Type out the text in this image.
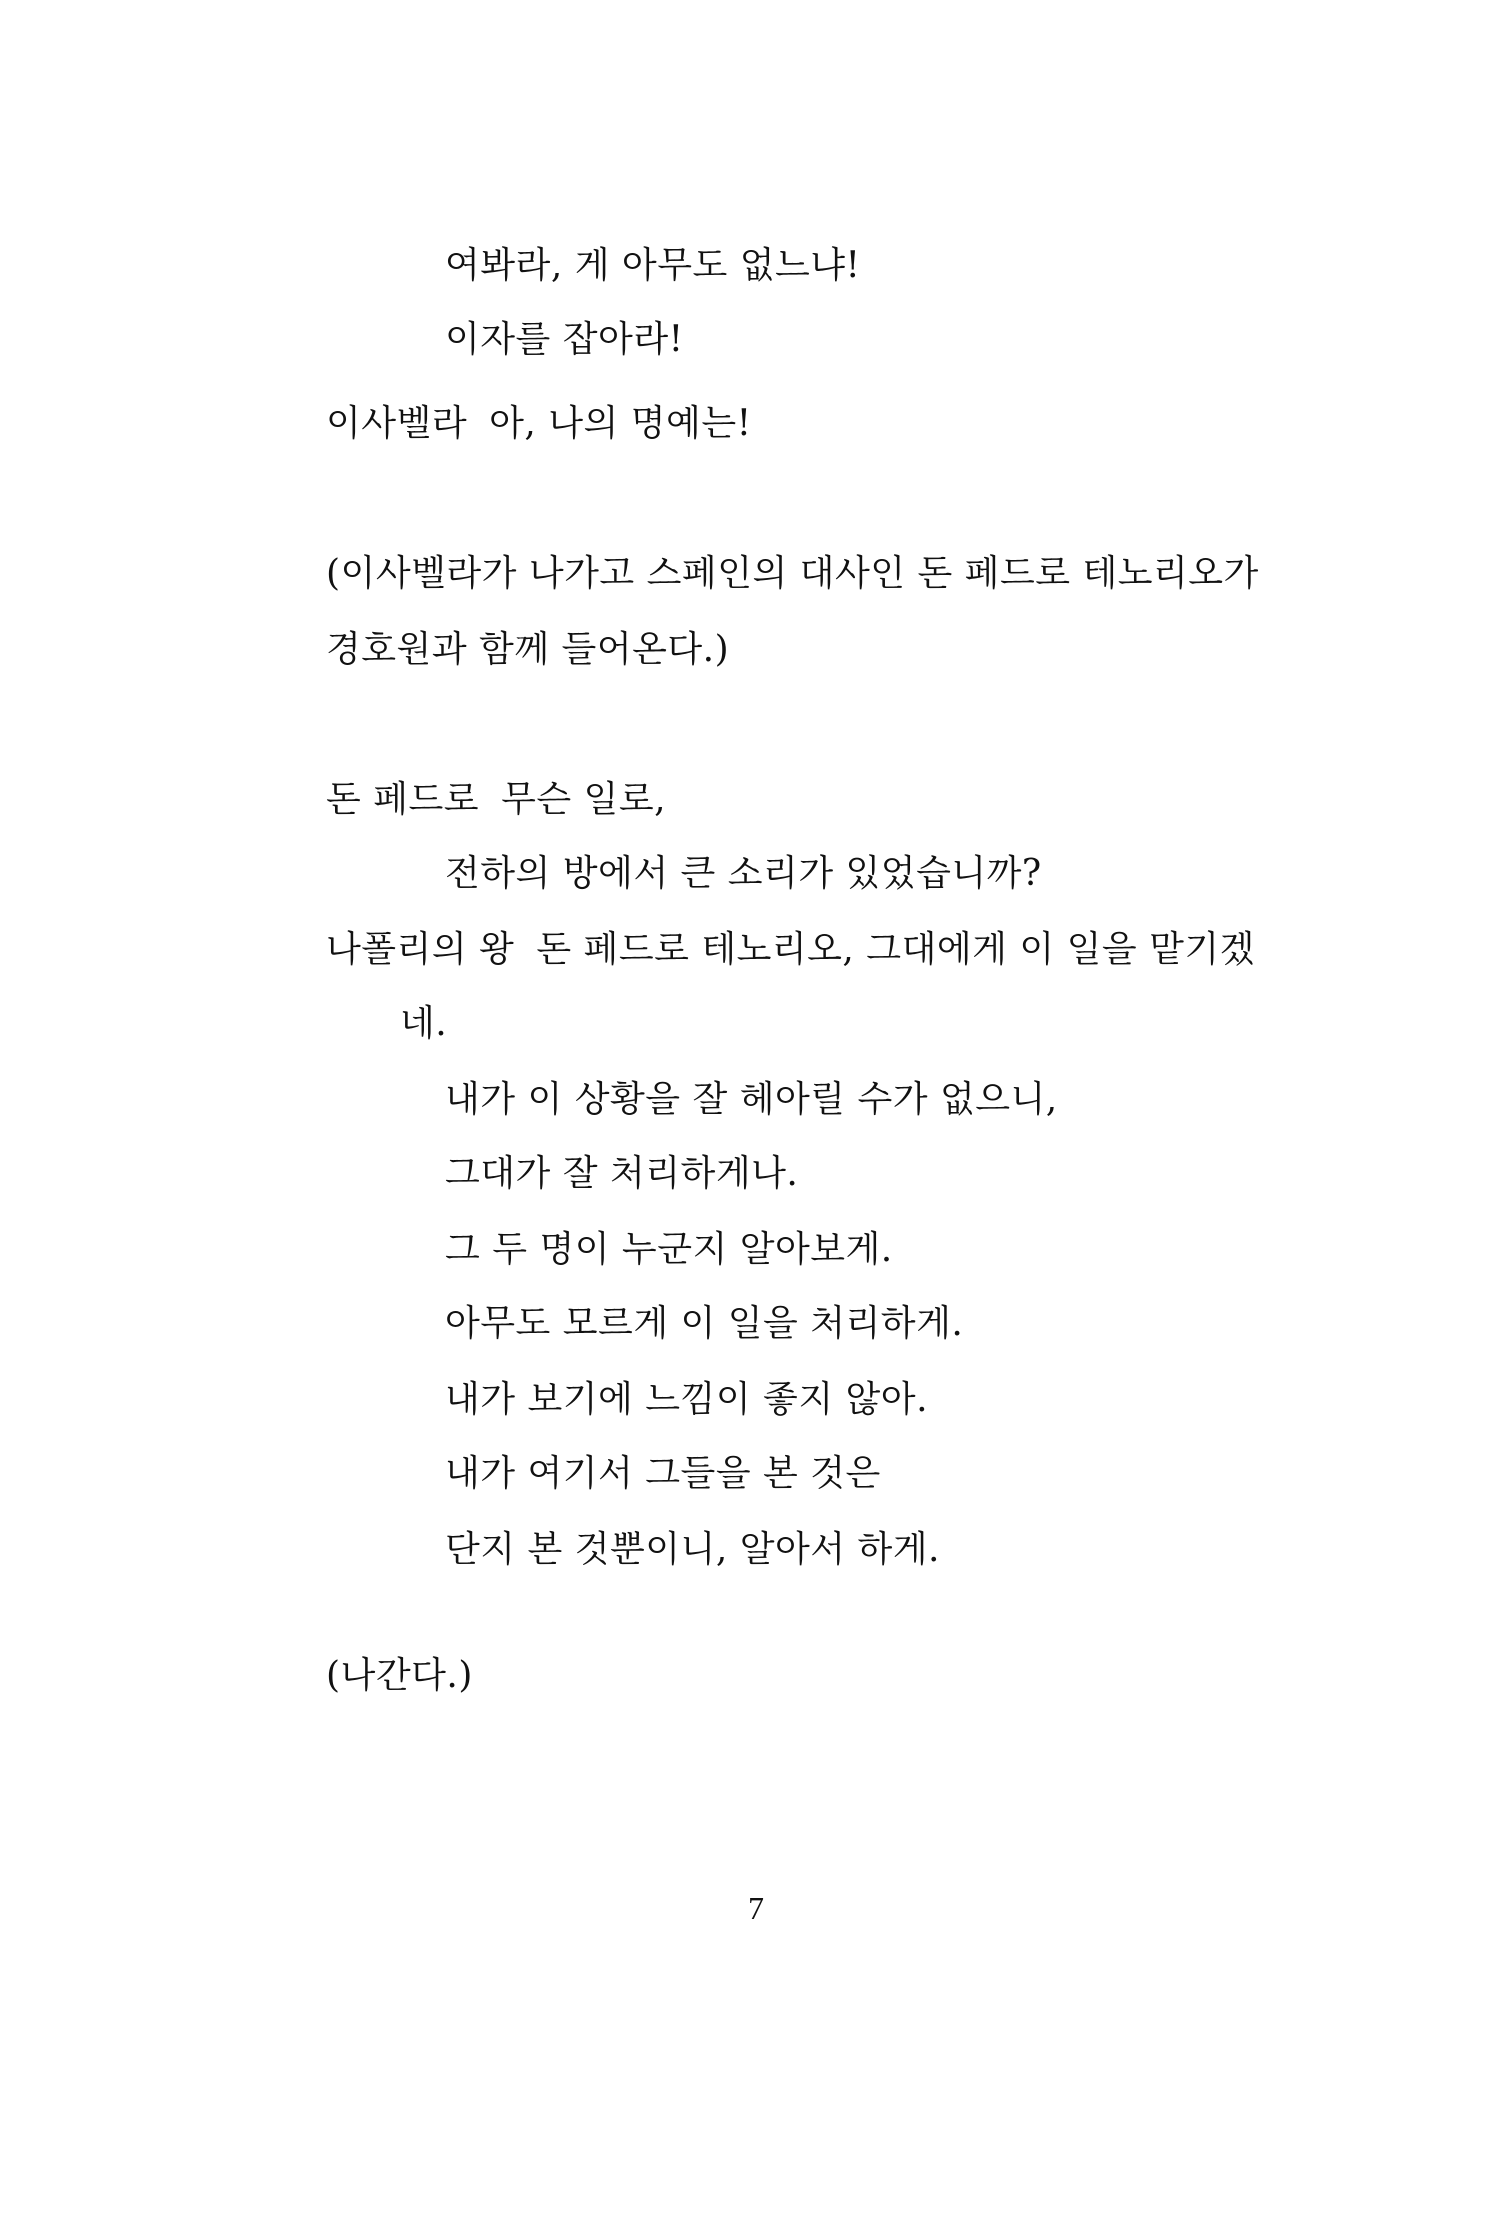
여봐라, 게 아무도 없느냐!
이자를 잡아라!
이사벨라 아, 나의 명예는!
(이사벨라가 나가고 스페인의 대사인 돈 페드로 테노리오가
경호원과 함께 들어온다.)
돈 페드로 무슨 일로,
전하의 방에서 큰 소리가 있었습니까?
나폴리의 왕 돈 페드로 테노리오, 그대에게 이 일을 맡기겠
네.
내가 이 상황을 잘 헤아릴 수가 없으니,
그대가 잘 처리하게나.
그 두 명이 누군지 알아보게.
아무도 모르게 이 일을 처리하게.
내가 보기에 느낌이 좋지 않아.
내가 여기서 그들을 본 것은
단지 본 것뿐이니, 알아서 하게.
(나간다.)
7
